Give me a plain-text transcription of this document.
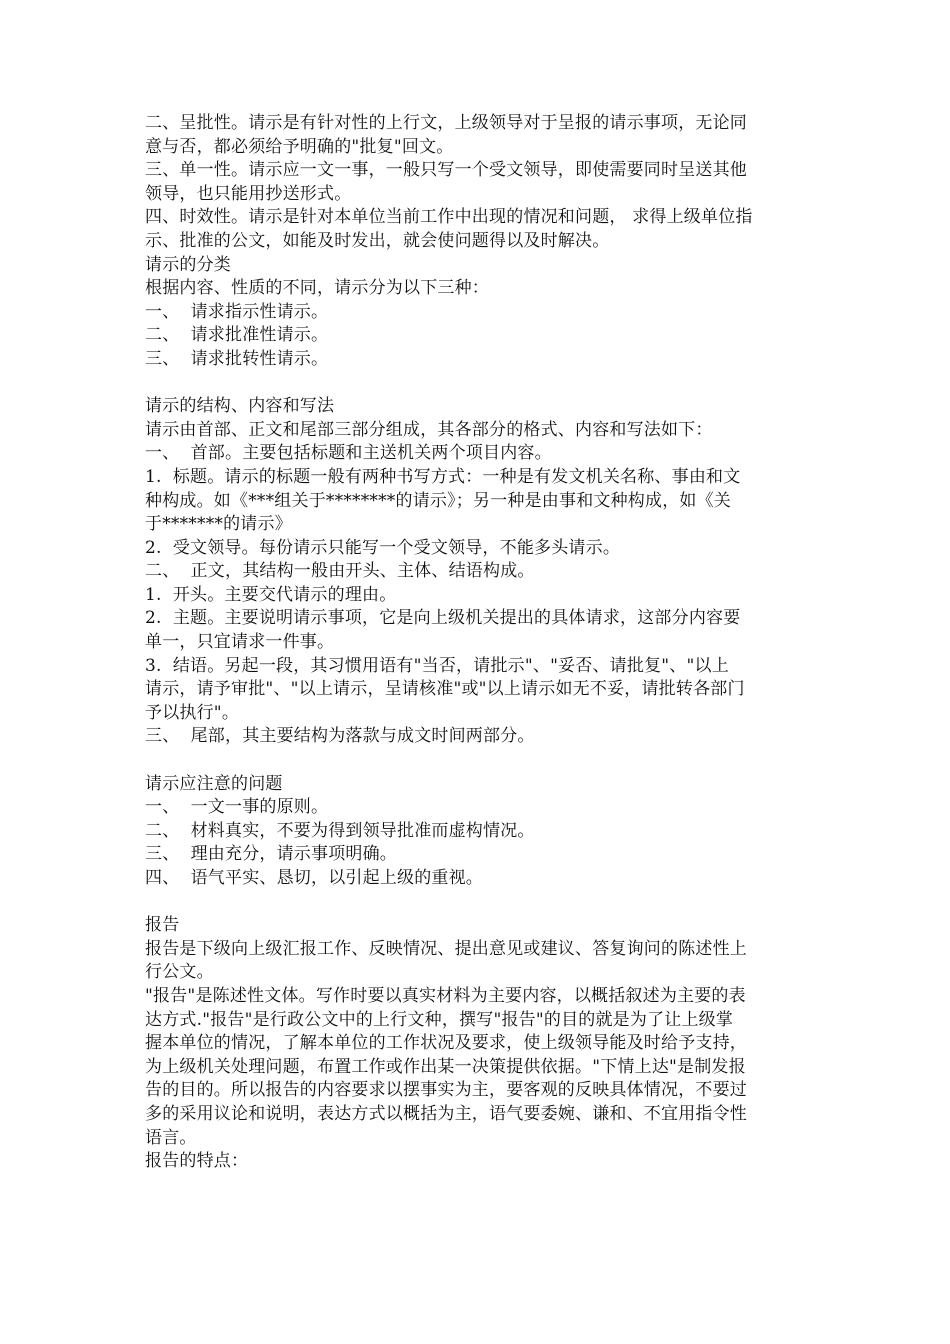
二、呈批性。请示是有针对性的上行文，上级领导对于呈报的请示事项，无论同
意与否，都必须给予明确的"批复"回文。
三、单一性。请示应一文一事，一般只写一个受文领导，即使需要同时呈送其他
领导，也只能用抄送形式。
四、时效性。请示是针对本单位当前工作中出现的情况和问题， 求得上级单位指
示、批准的公文，如能及时发出，就会使问题得以及时解决。
请示的分类
根据内容、性质的不同，请示分为以下三种：
一、  请求指示性请示。
二、  请求批准性请示。
三、  请求批转性请示。
请示的结构、内容和写法
请示由首部、正文和尾部三部分组成，其各部分的格式、内容和写法如下：
一、  首部。主要包括标题和主送机关两个项目内容。
1.  标题。请示的标题一般有两种书写方式：一种是有发文机关名称、事由和文
种构成。如《***组关于********的请示》；另一种是由事和文种构成，如《关
于*******的请示》
2.  受文领导。每份请示只能写一个受文领导，不能多头请示。
二、  正文，其结构一般由开头、主体、结语构成。
1.  开头。主要交代请示的理由。
2.  主题。主要说明请示事项，它是向上级机关提出的具体请求，这部分内容要
单一，只宜请求一件事。
3.  结语。另起一段，其习惯用语有"当否，请批示"、"妥否、请批复"、"以上
请示，请予审批"、"以上请示，呈请核准"或"以上请示如无不妥，请批转各部门
予以执行"。
三、  尾部，其主要结构为落款与成文时间两部分。
请示应注意的问题
一、  一文一事的原则。
二、  材料真实，不要为得到领导批准而虚构情况。
三、  理由充分，请示事项明确。
四、  语气平实、恳切，以引起上级的重视。
报告
报告是下级向上级汇报工作、反映情况、提出意见或建议、答复询问的陈述性上
行公文。
"报告"是陈述性文体。写作时要以真实材料为主要内容，以概括叙述为主要的表
达方式."报告"是行政公文中的上行文种，撰写"报告"的目的就是为了让上级掌
握本单位的情况，了解本单位的工作状况及要求，使上级领导能及时给予支持，
为上级机关处理问题，布置工作或作出某一决策提供依据。"下情上达"是制发报
告的目的。所以报告的内容要求以摆事实为主，要客观的反映具体情况，不要过
多的采用议论和说明，表达方式以概括为主，语气要委婉、谦和、不宜用指令性
语言。
报告的特点：
